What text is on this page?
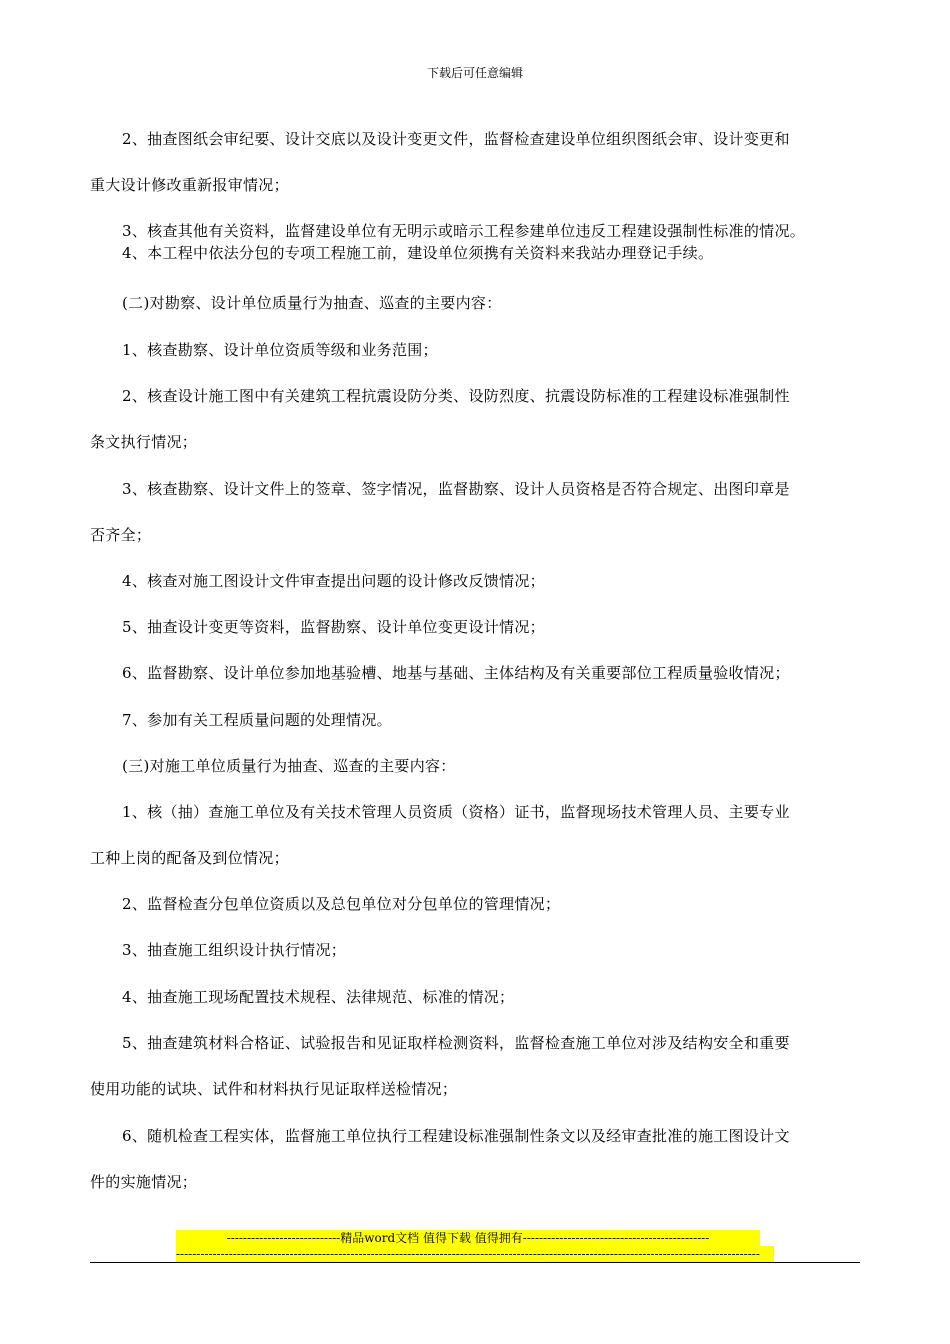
下载后可任意编辑
2、抽查图纸会审纪要、设计交底以及设计变更文件，监督检查建设单位组织图纸会审、设计变更和
重大设计修改重新报审情况；
3、核查其他有关资料，监督建设单位有无明示或暗示工程参建单位违反工程建设强制性标准的情况。
4、本工程中依法分包的专项工程施工前，建设单位须携有关资料来我站办理登记手续。
(二)对勘察、设计单位质量行为抽查、巡查的主要内容：
1、核查勘察、设计单位资质等级和业务范围；
2、核查设计施工图中有关建筑工程抗震设防分类、设防烈度、抗震设防标准的工程建设标准强制性
条文执行情况；
3、核查勘察、设计文件上的签章、签字情况，监督勘察、设计人员资格是否符合规定、出图印章是
否齐全；
4、核查对施工图设计文件审查提出问题的设计修改反馈情况；
5、抽查设计变更等资料，监督勘察、设计单位变更设计情况；
6、监督勘察、设计单位参加地基验槽、地基与基础、主体结构及有关重要部位工程质量验收情况；
7、参加有关工程质量问题的处理情况。
(三)对施工单位质量行为抽查、巡查的主要内容：
1、核（抽）查施工单位及有关技术管理人员资质（资格）证书，监督现场技术管理人员、主要专业
工种上岗的配备及到位情况；
2、监督检查分包单位资质以及总包单位对分包单位的管理情况；
3、抽查施工组织设计执行情况；
4、抽查施工现场配置技术规程、法律规范、标准的情况；
5、抽查建筑材料合格证、试验报告和见证取样检测资料，监督检查施工单位对涉及结构安全和重要
使用功能的试块、试件和材料执行见证取样送检情况；
6、随机检查工程实体，监督施工单位执行工程建设标准强制性条文以及经审查批准的施工图设计文
件的实施情况；
----------------------------精品word文档 值得下载 值得拥有----------------------------------------------
------------------------------------------------------------------------------------------------------------------------------------------------
